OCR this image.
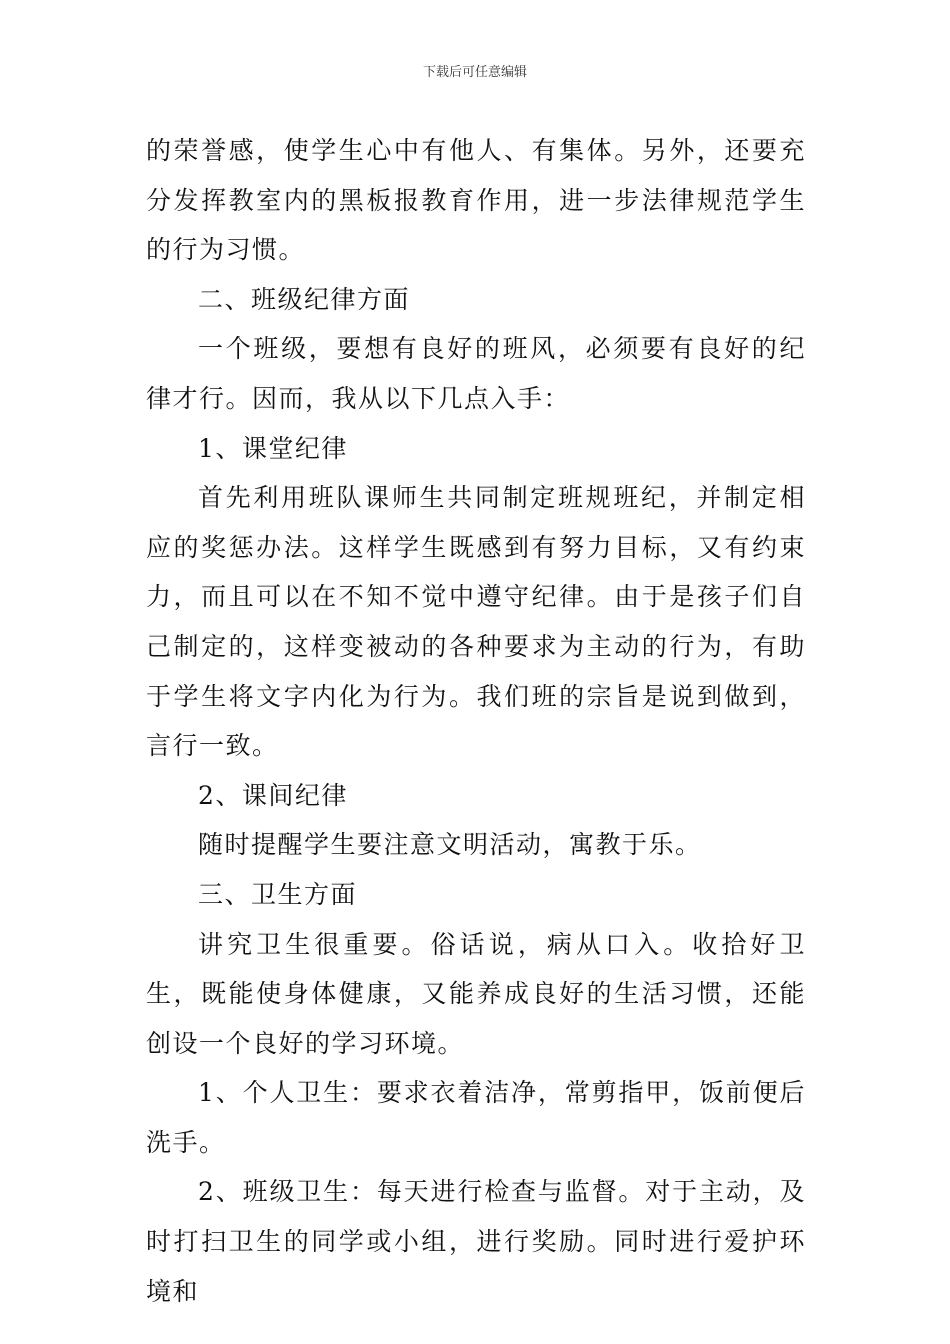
下载后可任意编辑

的荣誉感，使学生心中有他人、有集体。另外，还要充分发挥教室内的黑板报教育作用，进一步法律规范学生的行为习惯。

二、班级纪律方面

一个班级，要想有良好的班风，必须要有良好的纪律才行。因而，我从以下几点入手：

1、课堂纪律

首先利用班队课师生共同制定班规班纪，并制定相应的奖惩办法。这样学生既感到有努力目标，又有约束力，而且可以在不知不觉中遵守纪律。由于是孩子们自己制定的，这样变被动的各种要求为主动的行为，有助于学生将文字内化为行为。我们班的宗旨是说到做到，言行一致。

2、课间纪律

随时提醒学生要注意文明活动，寓教于乐。

三、卫生方面

讲究卫生很重要。俗话说，病从口入。收拾好卫生，既能使身体健康，又能养成良好的生活习惯，还能创设一个良好的学习环境。

1、个人卫生：要求衣着洁净，常剪指甲，饭前便后洗手。

2、班级卫生：每天进行检查与监督。对于主动，及时打扫卫生的同学或小组，进行奖励。同时进行爱护环境和
